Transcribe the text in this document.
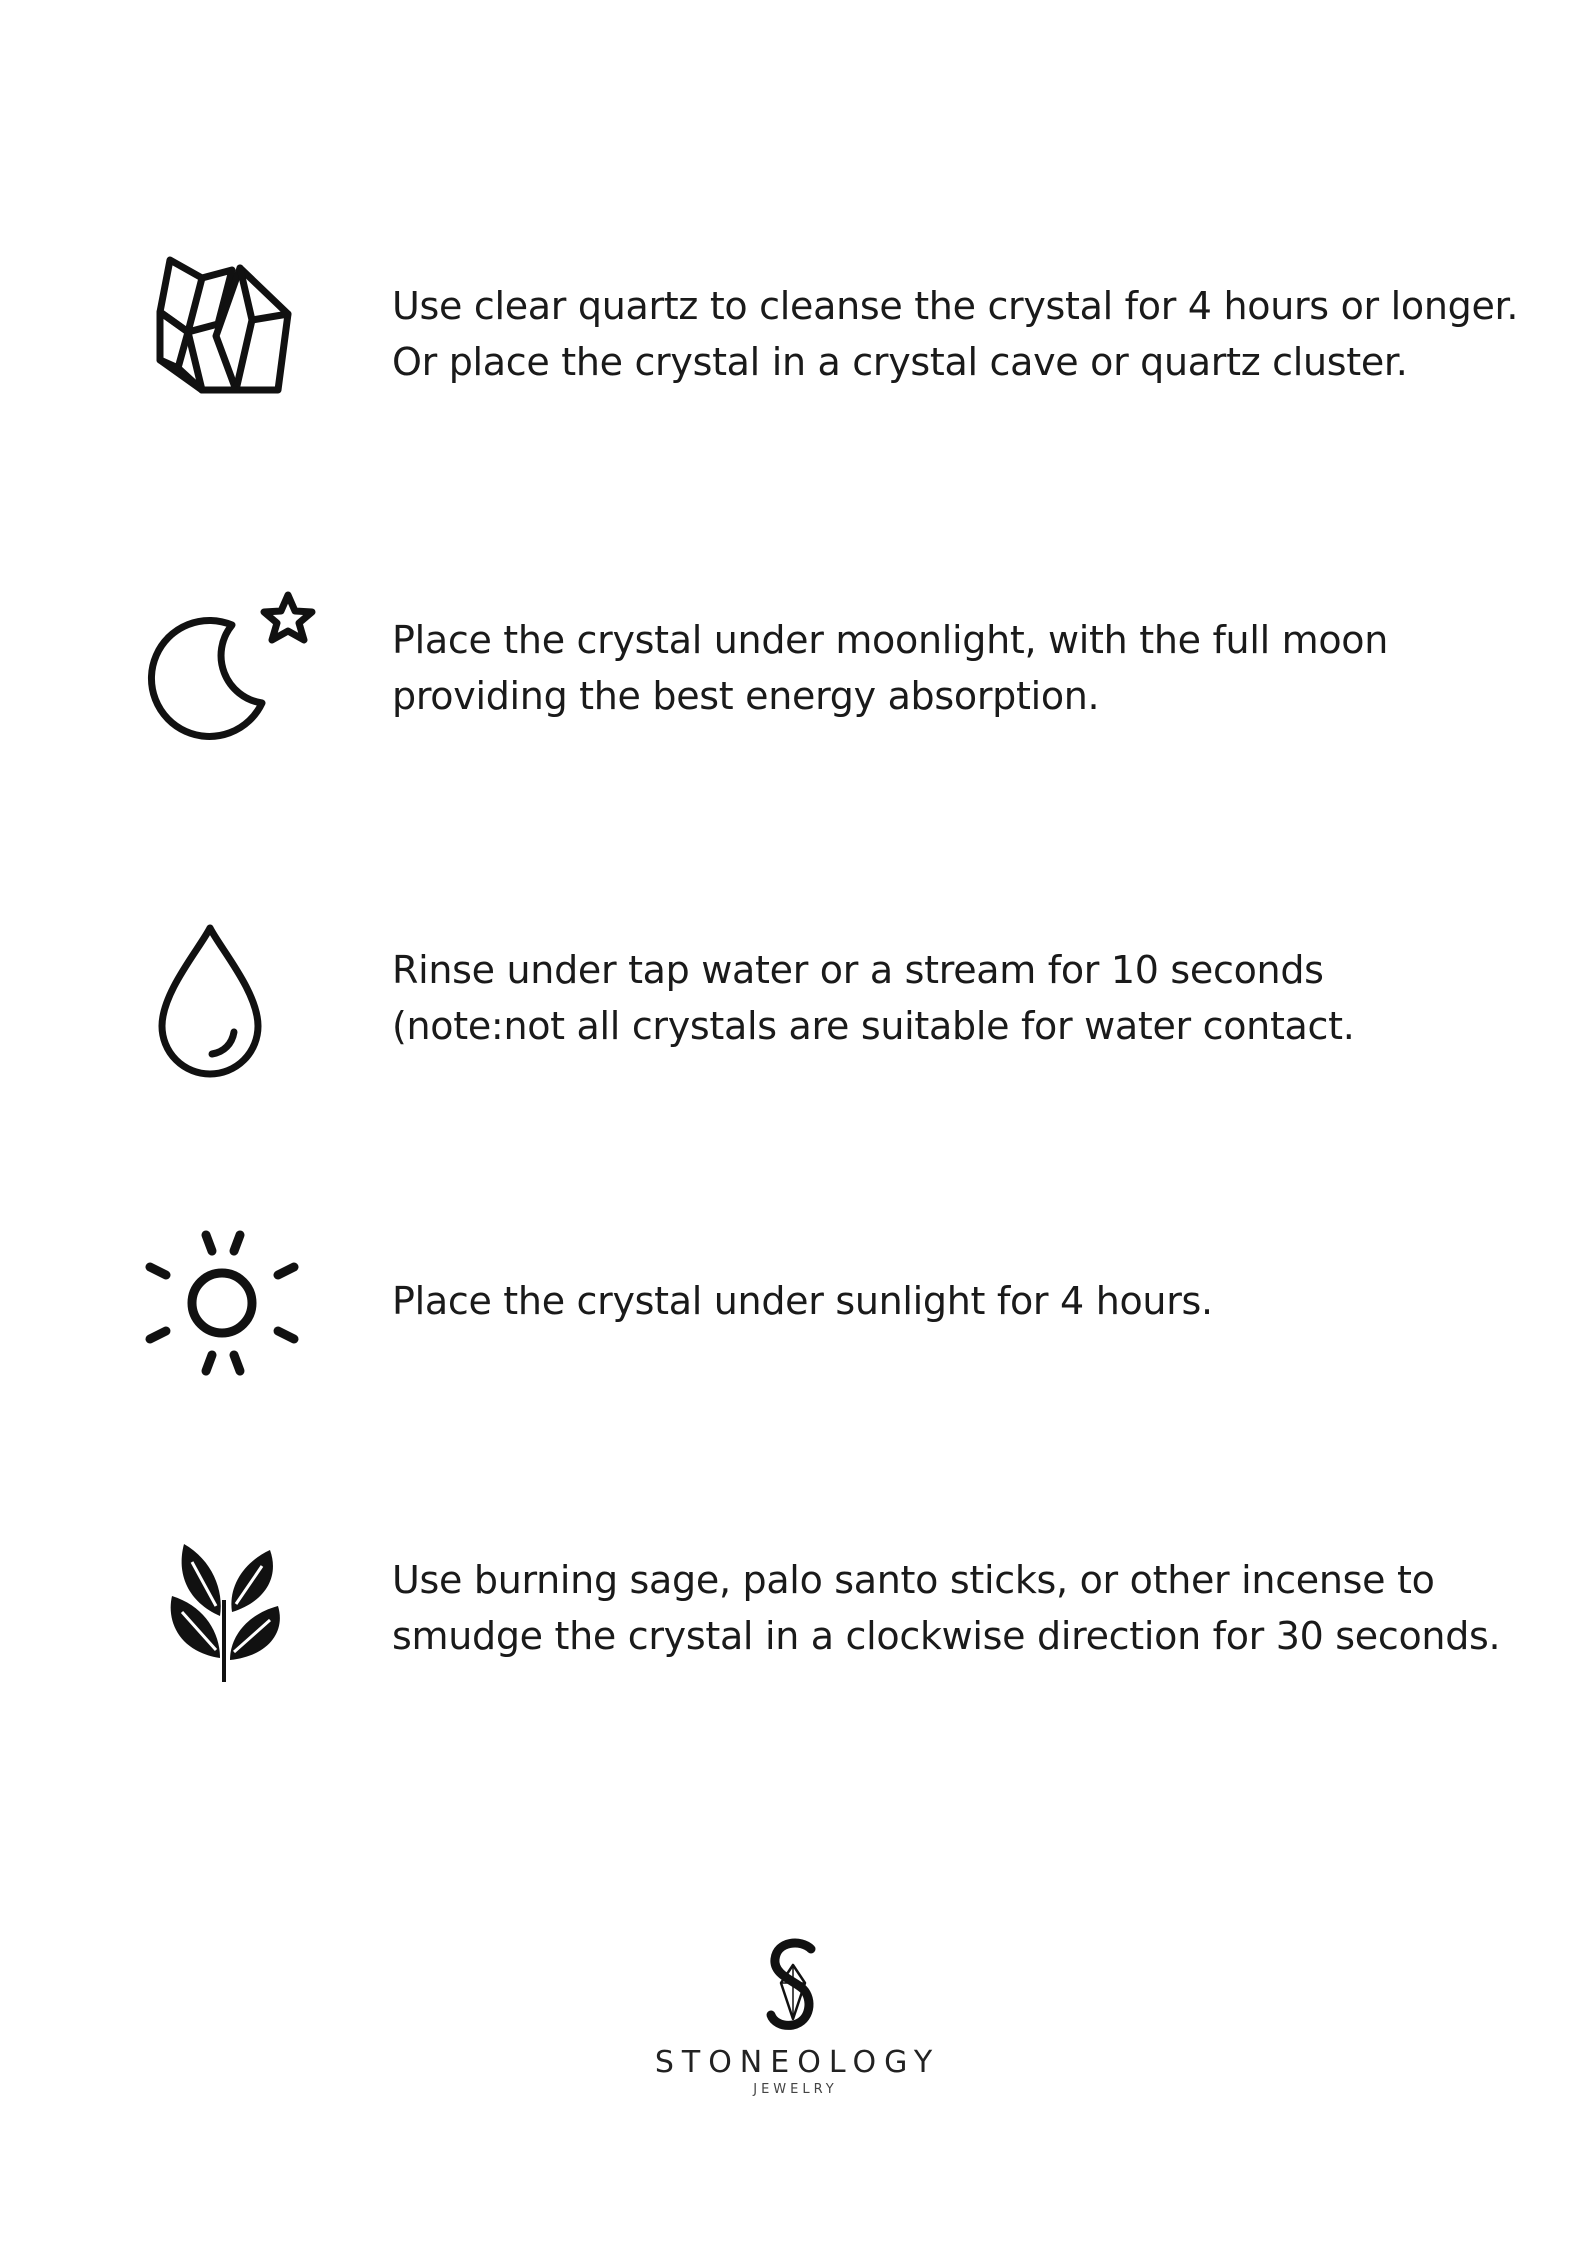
Use clear quartz to cleanse the crystal for 4 hours or longer.
Or place the crystal in a crystal cave or quartz cluster.
Place the crystal under moonlight, with the full moon
providing the best energy absorption.
Rinse under tap water or a stream for 10 seconds
(note:not all crystals are suitable for water contact.
Place the crystal under sunlight for 4 hours.
Use burning sage, palo santo sticks, or other incense to
smudge the crystal in a clockwise direction for 30 seconds.
STONEOLOGY
JEWELRY
